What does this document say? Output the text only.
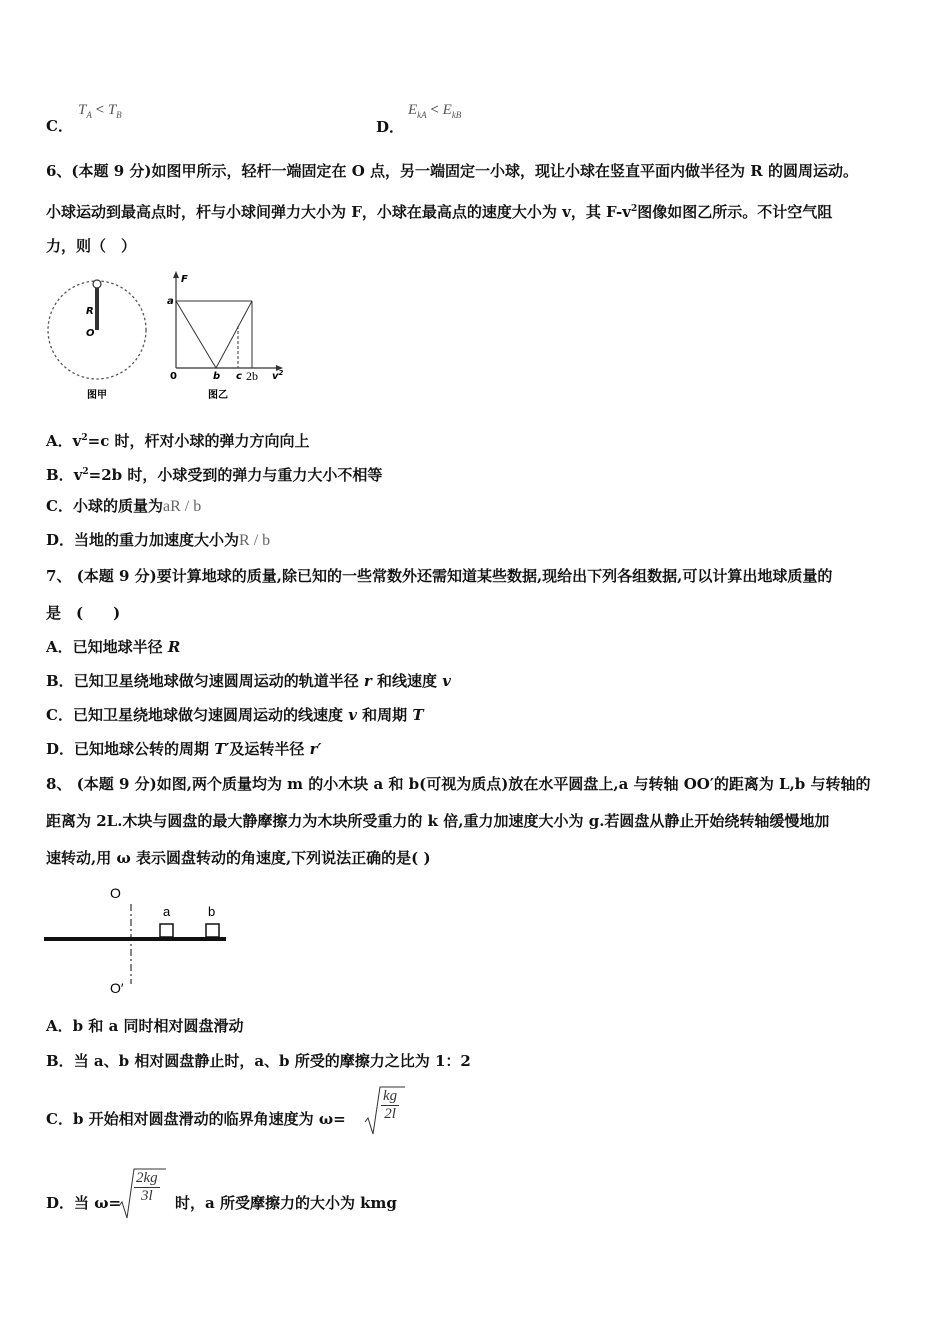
C．
$T_A < T_B$
D．
$E_{kA} < E_{kB}$
6、(本题 9 分)如图甲所示，轻杆一端固定在 O 点，另一端固定一小球，现让小球在竖直平面内做半径为 R 的圆周运动。
小球运动到最高点时，杆与小球间弹力大小为 F，小球在最高点的速度大小为 v，其 $F-v^2$图像如图乙所示。不计空气阻
力，则（　）
R
O
图甲
F
a
0	b c 2b $v^2$
图乙
A．$v^2=c$ 时，杆对小球的弹力方向向上
B．$v^2=2b$ 时，小球受到的弹力与重力大小不相等
C．小球的质量为aR / b
D．当地的重力加速度大小为R / b
7、 (本题 9 分)要计算地球的质量,除已知的一些常数外还需知道某些数据,现给出下列各组数据,可以计算出地球质量的
是　(　　)
A．已知地球半径 R
B．已知卫星绕地球做匀速圆周运动的轨道半径 r 和线速度 v
C．已知卫星绕地球做匀速圆周运动的线速度 v 和周期 T
D．已知地球公转的周期 T′及运转半径 r′
8、 (本题 9 分)如图,两个质量均为 m 的小木块 a 和 b(可视为质点)放在水平圆盘上,a 与转轴 OO′的距离为 L,b 与转轴的
距离为 2L.木块与圆盘的最大静摩擦力为木块所受重力的 k 倍,重力加速度大小为 g.若圆盘从静止开始绕转轴缓慢地加
速转动,用 ω 表示圆盘转动的角速度,下列说法正确的是( )
O
a	b
O′
A．b 和 a 同时相对圆盘滑动
B．当 a、b 相对圆盘静止时，a、b 所受的摩擦力之比为 1：2
C．b 开始相对圆盘滑动的临界角速度为 $\omega= \frac{kg}{2l}$
D．当 $\omega= \frac{2kg}{3l}$ 　时，a 所受摩擦力的大小为 kmg
